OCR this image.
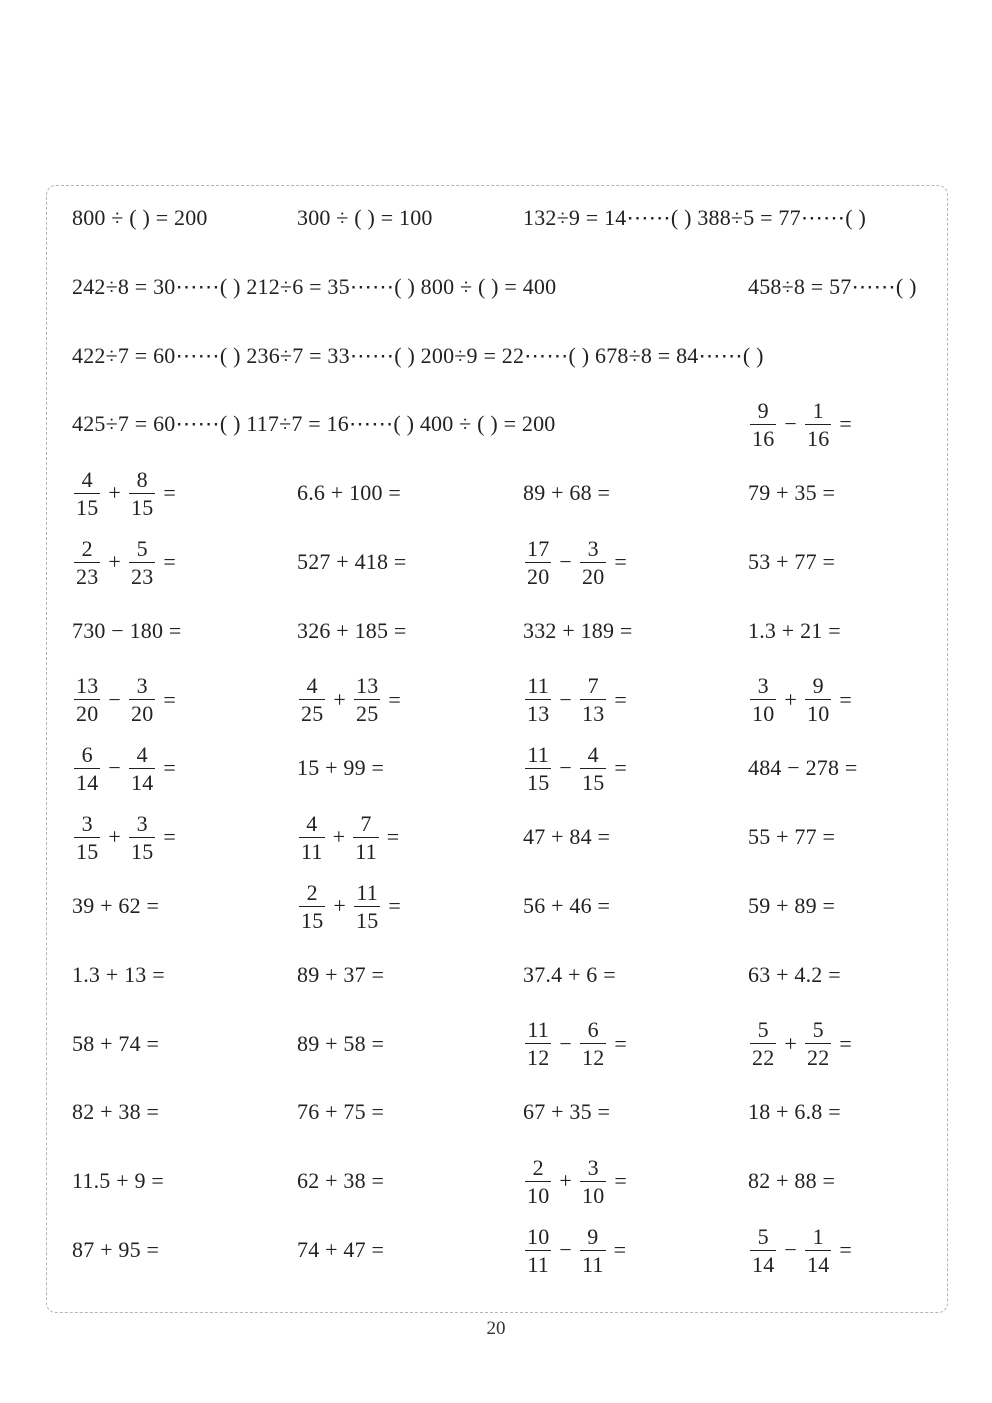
800 ÷ ( ) = 200	300 ÷ ( ) = 100	132÷9 = 14⋯⋯( ) 388÷5 = 77⋯⋯( )
242÷8 = 30⋯⋯( ) 212÷6 = 35⋯⋯( ) 800 ÷ ( ) = 400	458÷8 = 57⋯⋯( )
422÷7 = 60⋯⋯( ) 236÷7 = 33⋯⋯( ) 200÷9 = 22⋯⋯( ) 678÷8 = 84⋯⋯( )
425÷7 = 60⋯⋯( ) 117÷7 = 16⋯⋯( ) 400 ÷ ( ) = 200	$\frac{9}{16} - \frac{1}{16}$ =
$\frac{4}{15} + \frac{8}{15}$ =	6.6 + 100 =	89 + 68 =	79 + 35 =
$\frac{2}{23} + \frac{5}{23}$ =	527 + 418 =	$\frac{17}{20} - \frac{3}{20}$ =	53 + 77 =
730 − 180 =	326 + 185 =	332 + 189 =	1.3 + 21 =
$\frac{13}{20} - \frac{3}{20}$ =	$\frac{4}{25} + \frac{13}{25}$ =	$\frac{11}{13} - \frac{7}{13}$ =	$\frac{3}{10} + \frac{9}{10}$ =
$\frac{6}{14} - \frac{4}{14}$ =	15 + 99 =	$\frac{11}{15} - \frac{4}{15}$ =	484 − 278 =
$\frac{3}{15} + \frac{3}{15}$ =	$\frac{4}{11} + \frac{7}{11}$ =	47 + 84 =	55 + 77 =
39 + 62 =	$\frac{2}{15} + \frac{11}{15}$ =	56 + 46 =	59 + 89 =
1.3 + 13 =	89 + 37 =	37.4 + 6 =	63 + 4.2 =
58 + 74 =	89 + 58 =	$\frac{11}{12} - \frac{6}{12}$ =	$\frac{5}{22} + \frac{5}{22}$ =
82 + 38 =	76 + 75 =	67 + 35 =	18 + 6.8 =
11.5 + 9 =	62 + 38 =	$\frac{2}{10} + \frac{3}{10}$ =	82 + 88 =
87 + 95 =	74 + 47 =	$\frac{10}{11} - \frac{9}{11}$ =	$\frac{5}{14} - \frac{1}{14}$ =
20
